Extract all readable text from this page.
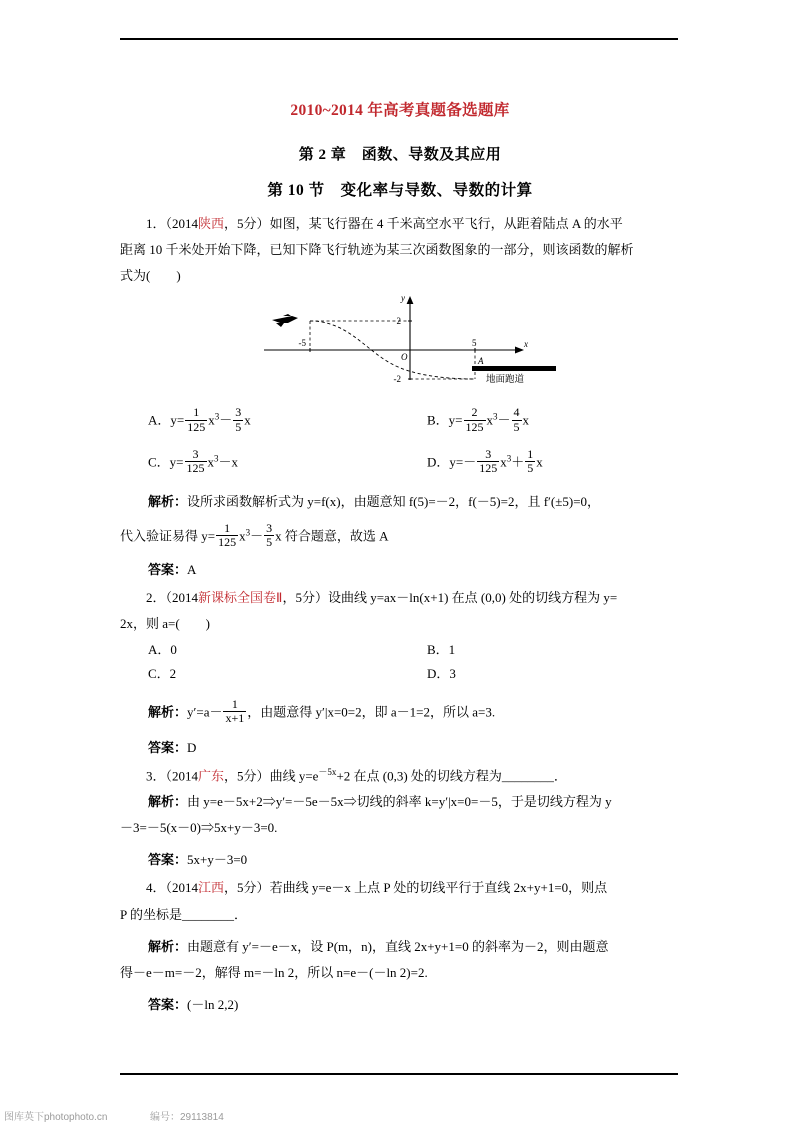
2010~2014 年高考真题备选题库
第 2 章　函数、导数及其应用
第 10 节　变化率与导数、导数的计算

1．（2014陕西，5分）如图，某飞行器在 4 千米高空水平飞行，从距着陆点 A 的水平

距离 10 千米处开始下降，已知下降飞行轨迹为某三次函数图象的一部分，则该函数的解析

式为(　　)

y
x
O
2
-2
-5	5
A
地面跑道
A．$y= \frac{1}{125} x^3- \frac{3}{5}$ x	B．$y= \frac{2}{125} x^3- \frac{4}{5}$ x
C．$y= \frac{3}{125} x^3-x$	D．$y=- \frac{3}{125} x^3+ \frac{1}{5}$ x

解析：设所求函数解析式为 y=f(x)，由题意知 f(5)=－2，f(－5)=2，且 f′(±5)=0，

代入验证易得 $y= \frac{1}{125} x^3- \frac{3}{5}$ x 符合题意，故选 A

答案：A

2．（2014新课标全国卷Ⅱ，5分）设曲线 y=ax－ln(x+1) 在点 (0,0) 处的切线方程为 y=

2x，则 a=(　　)

A．0	B．1
C．2	D．3

解析：$y'=a- \frac{1}{x+1}$ ，由题意得 y′|x=0=2，即 a－1=2，所以 a=3.

答案：D

3．（2014广东，5分）曲线 $y=e^{-5x}+2$ 在点 (0,3) 处的切线方程为________．

解析：由 y=e－5x+2⇒y′=－5e－5x⇒切线的斜率 k=y′|x=0=－5，于是切线方程为 y

－3=－5(x－0)⇒5x+y－3=0.

答案：5x+y－3=0

4．（2014江西，5分）若曲线 y=e－x 上点 P 处的切线平行于直线 2x+y+1=0，则点

P 的坐标是________．

解析：由题意有 y′=－e－x，设 P(m，n)，直线 2x+y+1=0 的斜率为－2，则由题意

得－e－m=－2，解得 m=－ln 2，所以 n=e－(－ln 2)=2.

答案：(－ln 2,2)

图库英下photophoto.cn	编号：29113814
